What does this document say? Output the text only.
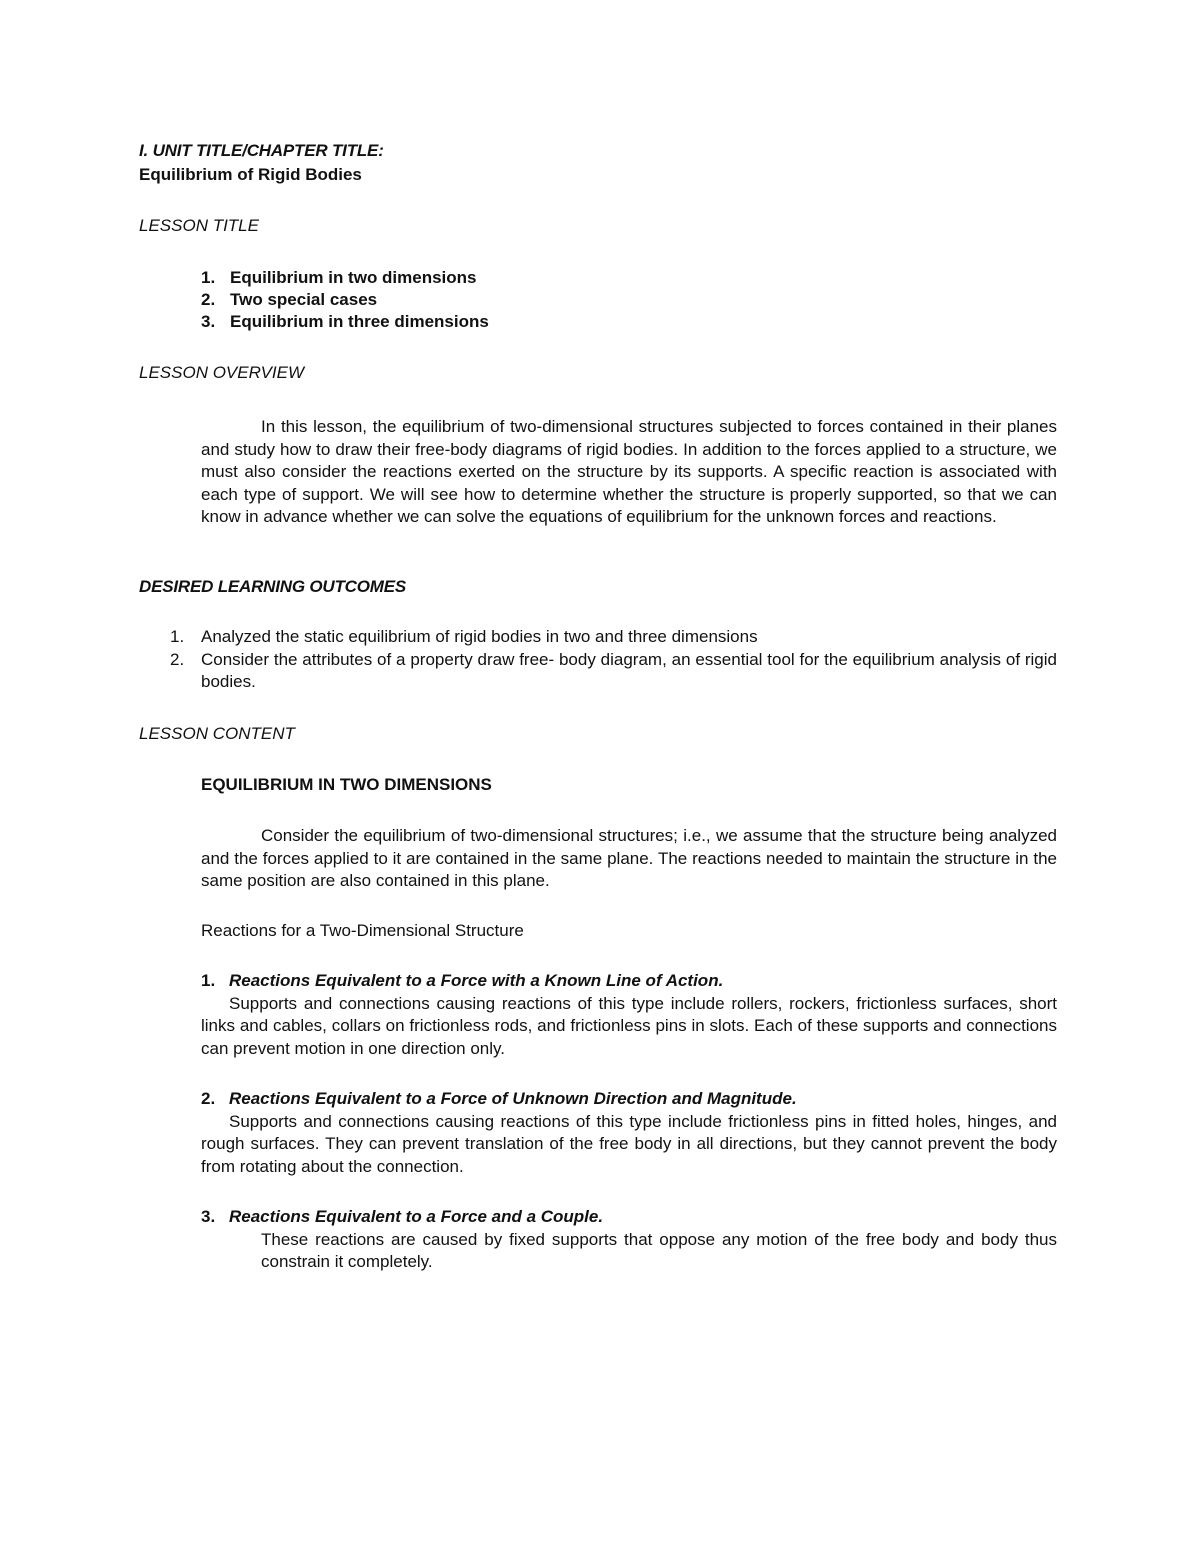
I. UNIT TITLE/CHAPTER TITLE:
Equilibrium of Rigid Bodies
LESSON TITLE
1. Equilibrium in two dimensions
2. Two special cases
3. Equilibrium in three dimensions
LESSON OVERVIEW
In this lesson, the equilibrium of two-dimensional structures subjected to forces contained in their planes and study how to draw their free-body diagrams of rigid bodies. In addition to the forces applied to a structure, we must also consider the reactions exerted on the structure by its supports. A specific reaction is associated with each type of support. We will see how to determine whether the structure is properly supported, so that we can know in advance whether we can solve the equations of equilibrium for the unknown forces and reactions.
DESIRED LEARNING OUTCOMES
1. Analyzed the static equilibrium of rigid bodies in two and three dimensions
2. Consider the attributes of a property draw free- body diagram, an essential tool for the equilibrium analysis of rigid bodies.
LESSON CONTENT
EQUILIBRIUM IN TWO DIMENSIONS
Consider the equilibrium of two-dimensional structures; i.e., we assume that the structure being analyzed and the forces applied to it are contained in the same plane. The reactions needed to maintain the structure in the same position are also contained in this plane.
Reactions for a Two-Dimensional Structure
1. Reactions Equivalent to a Force with a Known Line of Action.
Supports and connections causing reactions of this type include rollers, rockers, frictionless surfaces, short links and cables, collars on frictionless rods, and frictionless pins in slots. Each of these supports and connections can prevent motion in one direction only.
2. Reactions Equivalent to a Force of Unknown Direction and Magnitude.
Supports and connections causing reactions of this type include frictionless pins in fitted holes, hinges, and rough surfaces. They can prevent translation of the free body in all directions, but they cannot prevent the body from rotating about the connection.
3. Reactions Equivalent to a Force and a Couple.
These reactions are caused by fixed supports that oppose any motion of the free body and body thus constrain it completely.
